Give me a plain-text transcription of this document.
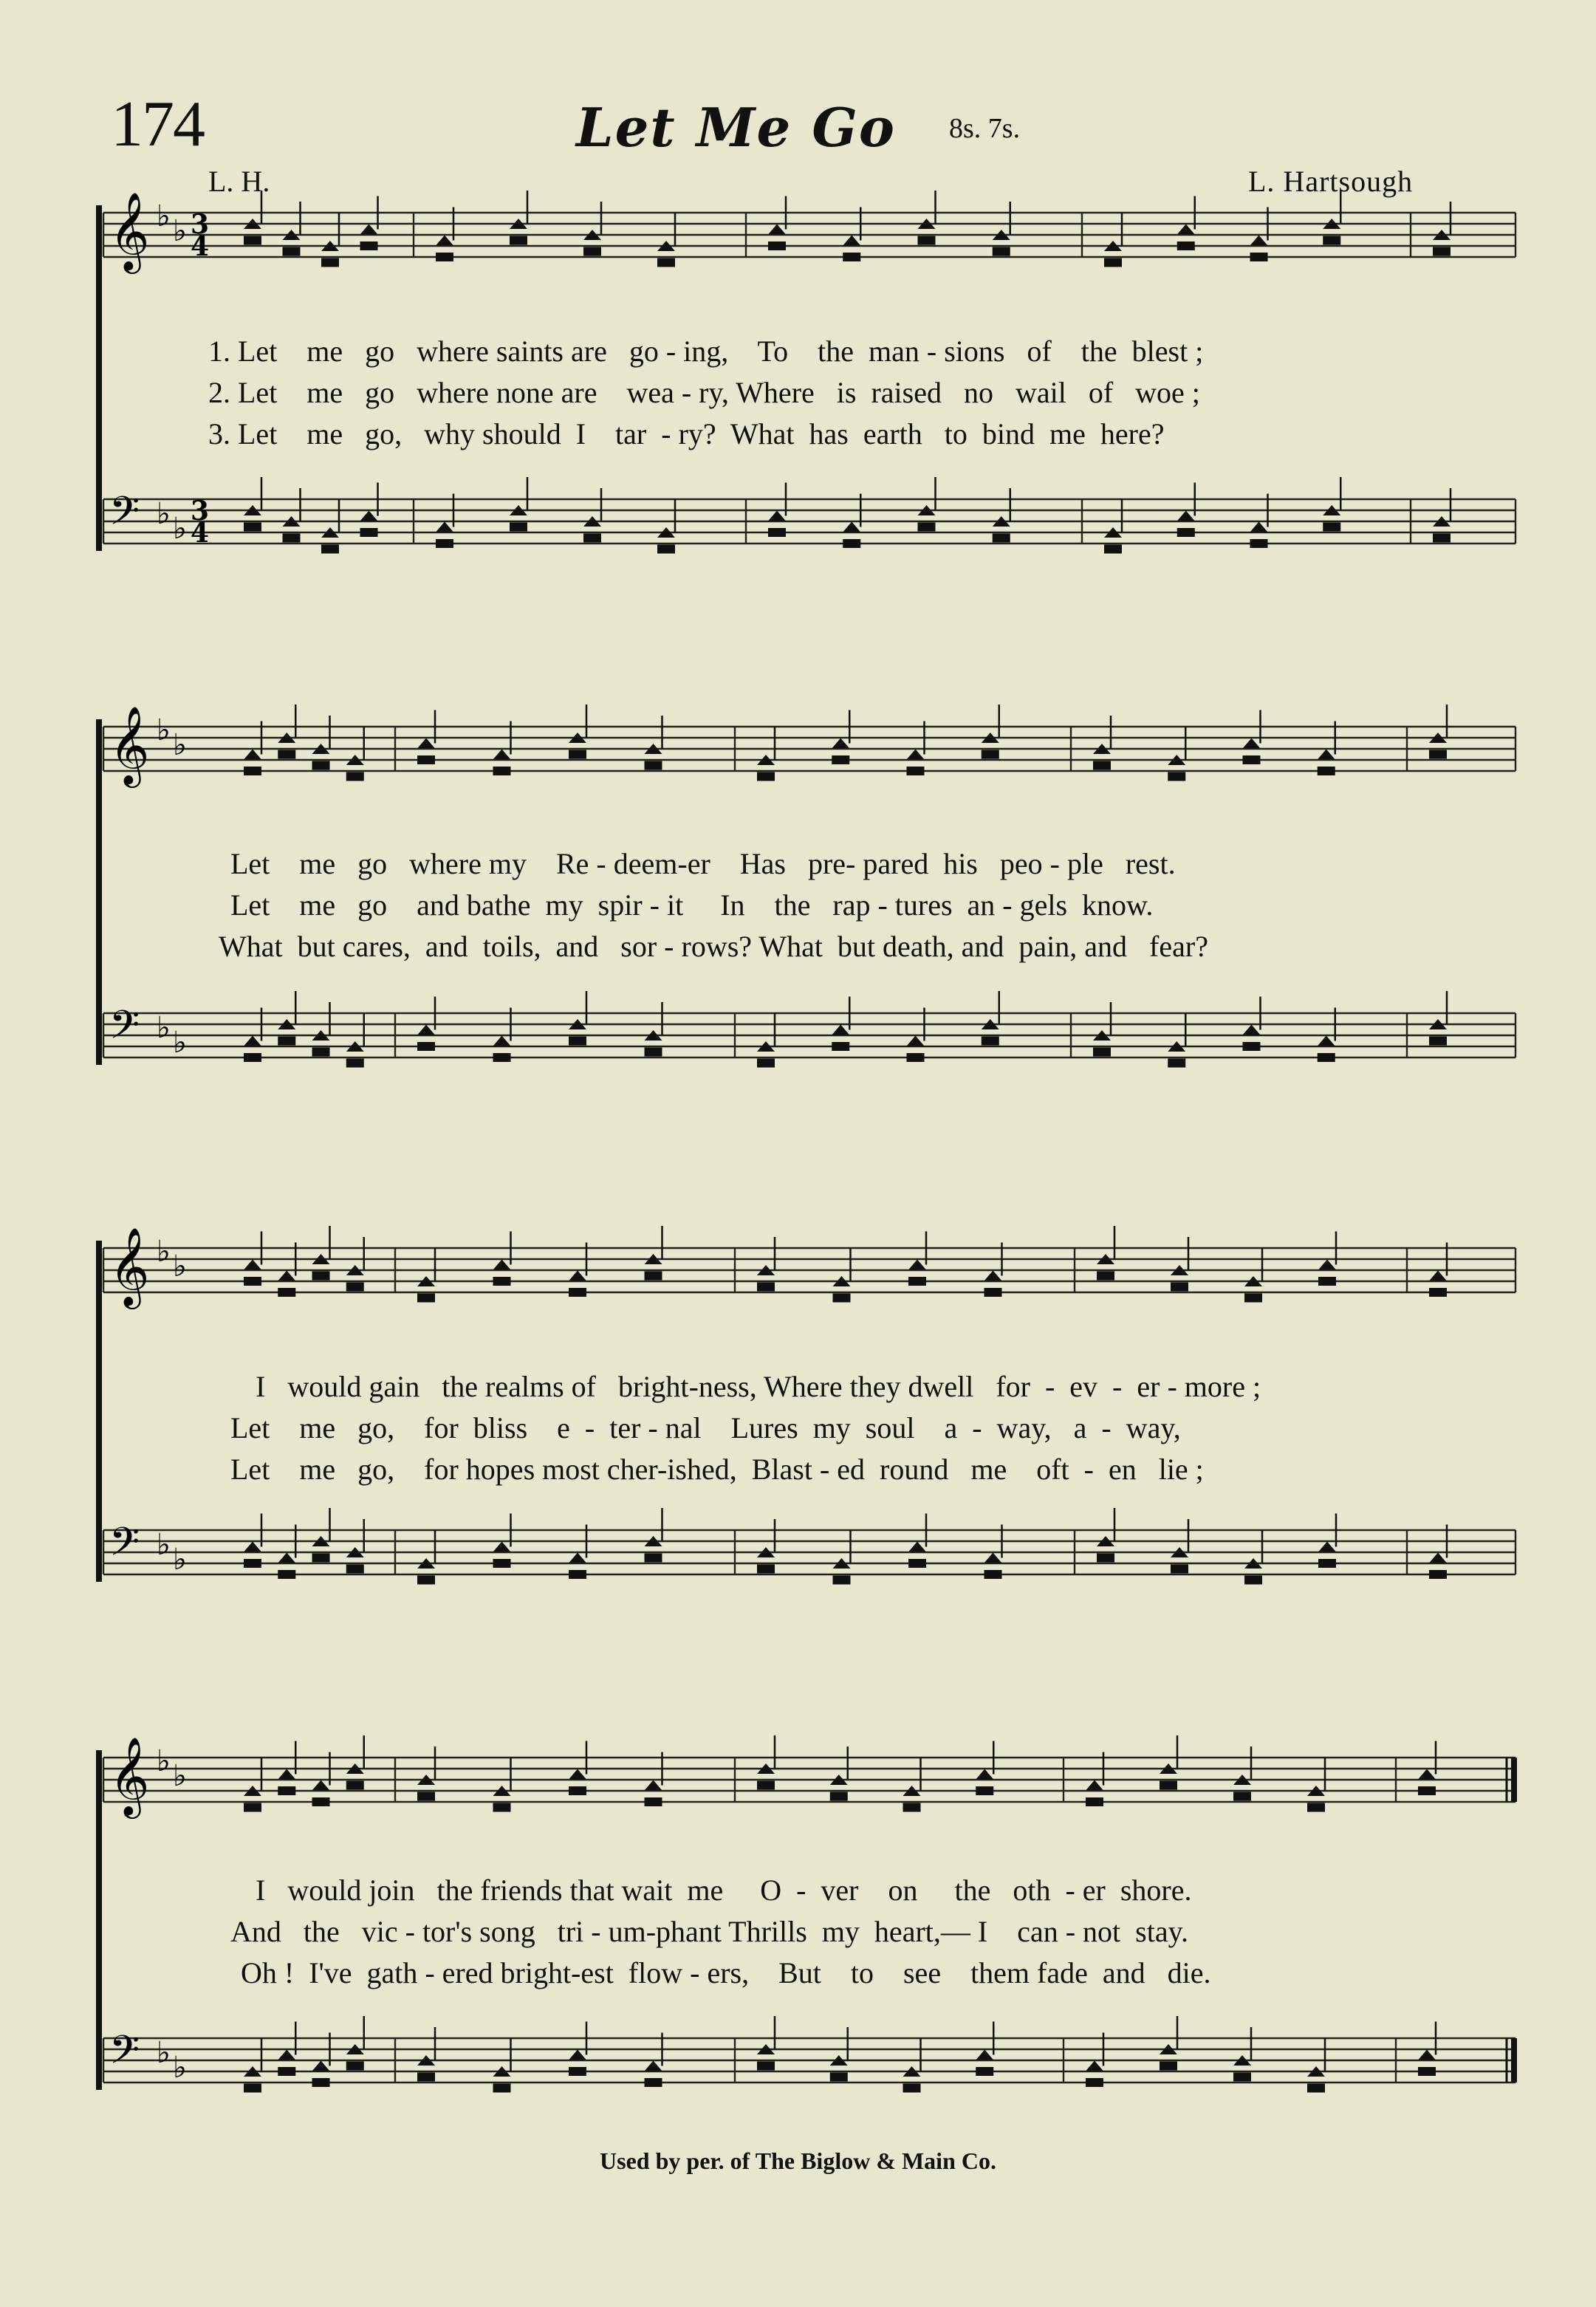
174	Let Me Go 8s. 7s.
L. H.	L. Hartsough
𝄞 ♭ ♭ 3
4
𝄢 ♭ ♭
3
4
𝄞 ♭ ♭
𝄢 ♭ ♭
𝄞 ♭ ♭
𝄢 ♭ ♭
𝄞 ♭ ♭
𝄢 ♭ ♭
1. Let    me   go   where saints are   go - ing,    To    the  man - sions   of    the  blest ;
2. Let    me   go   where none are    wea - ry, Where   is  raised   no   wail   of   woe ;
3. Let    me   go,   why should  I    tar  - ry?  What  has  earth   to  bind  me  here?
Let    me   go   where my    Re - deem-er    Has   pre- pared  his   peo - ple   rest.
Let    me   go    and bathe  my  spir - it     In    the   rap - tures  an - gels  know.
What  but cares,  and  toils,  and   sor - rows? What  but death, and  pain, and   fear?
I   would gain   the realms of   bright-ness, Where they dwell   for  -  ev  -  er - more ;
Let    me   go,    for  bliss    e  -  ter - nal    Lures  my  soul    a  -  way,   a  -  way,
Let    me   go,    for hopes most cher-ished,  Blast - ed  round   me    oft  -  en   lie ;
I   would join   the friends that wait  me     O  -  ver    on     the   oth  - er  shore.
And   the   vic - tor's song   tri - um-phant Thrills  my  heart,— I    can - not  stay.
Oh !  I've  gath - ered bright-est  flow - ers,    But    to    see    them fade  and   die.
Used by per. of The Biglow & Main Co.
